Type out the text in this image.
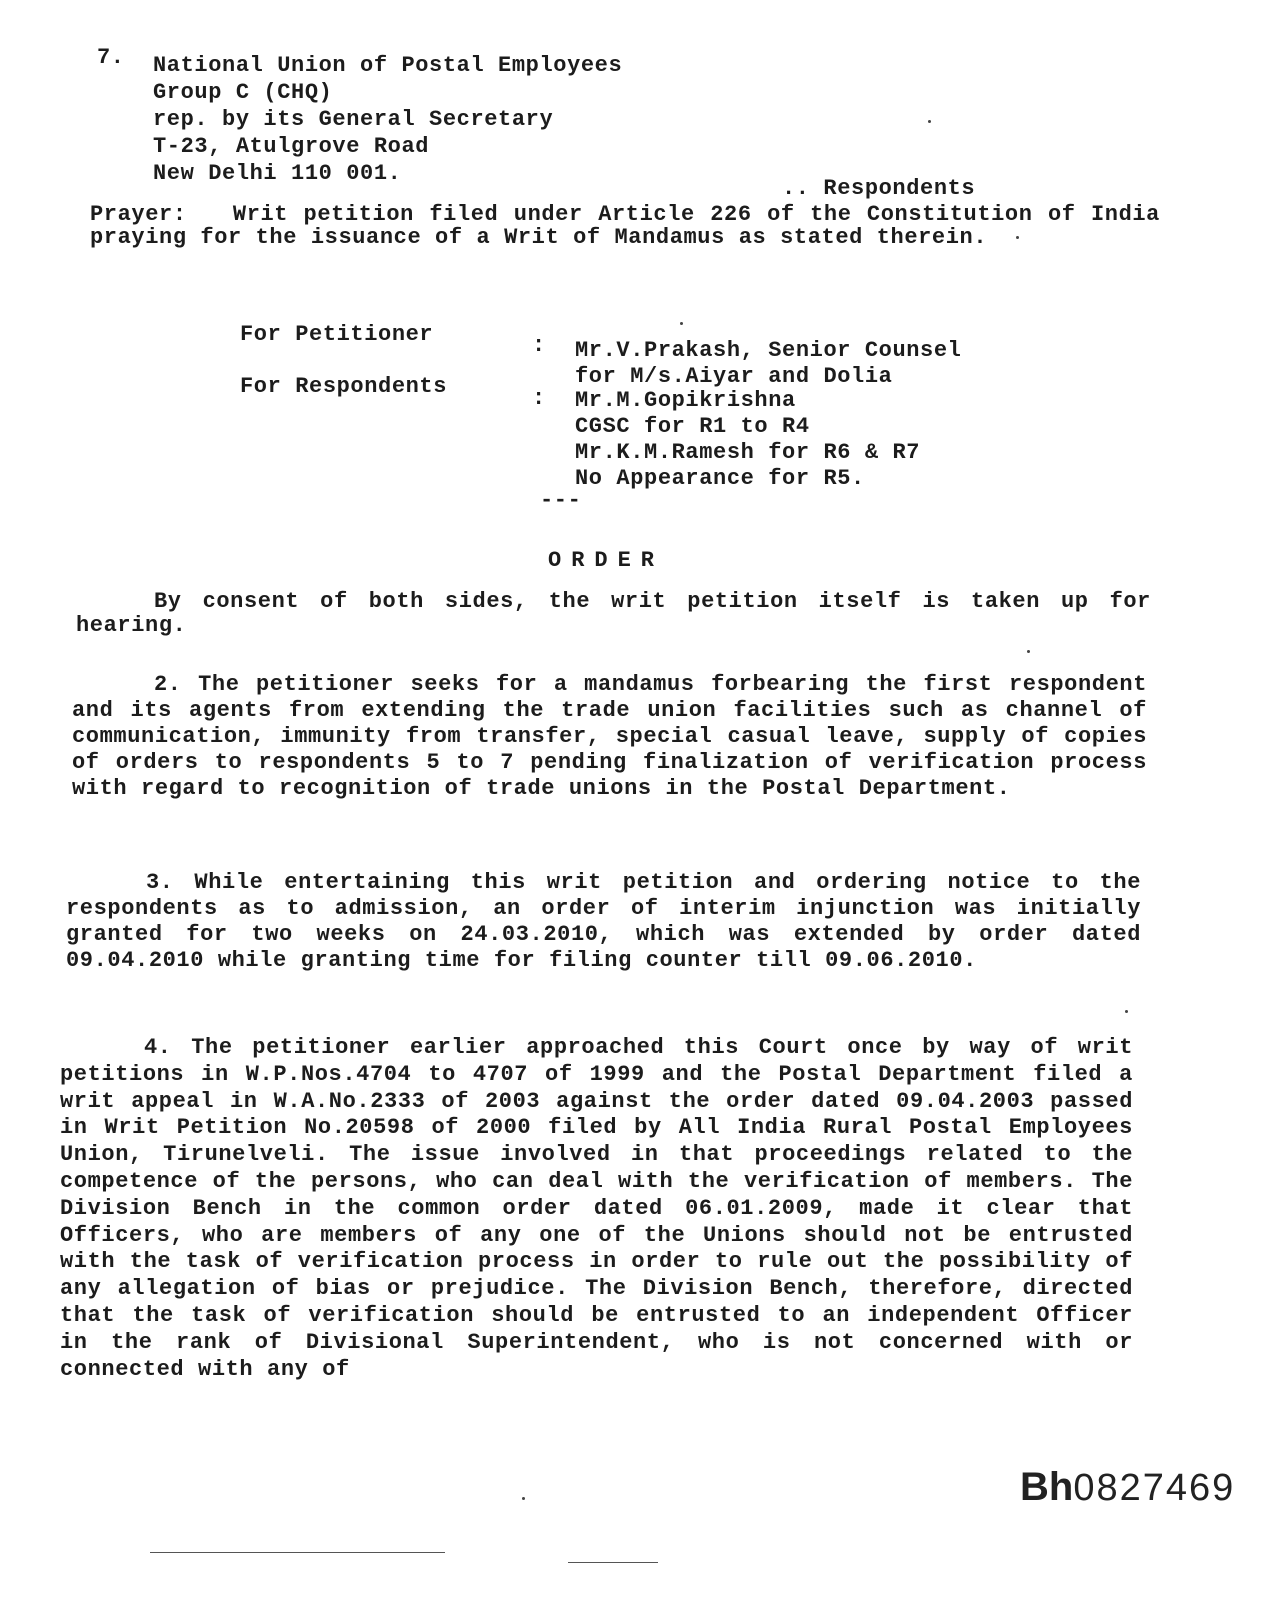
7. National Union of Postal Employees
Group C (CHQ)
rep. by its General Secretary
T-23, Atulgrove Road
New Delhi 110 001.
.. Respondents
Prayer: Writ petition filed under Article 226 of the Constitution of India praying for the issuance of a Writ of Mandamus as stated therein.
For Petitioner	: Mr.V.Prakash, Senior Counsel
for M/s.Aiyar and Dolia
For Respondents	: Mr.M.Gopikrishna
CGSC for R1 to R4
Mr.K.M.Ramesh for R6 & R7
No Appearance for R5.
---
ORDER
By consent of both sides, the writ petition itself is taken up for hearing.
2. The petitioner seeks for a mandamus forbearing the first respondent and its agents from extending the trade union facilities such as channel of communication, immunity from transfer, special casual leave, supply of copies of orders to respondents 5 to 7 pending finalization of verification process with regard to recognition of trade unions in the Postal Department.
3. While entertaining this writ petition and ordering notice to the respondents as to admission, an order of interim injunction was initially granted for two weeks on 24.03.2010, which was extended by order dated 09.04.2010 while granting time for filing counter till 09.06.2010.
4. The petitioner earlier approached this Court once by way of writ petitions in W.P.Nos.4704 to 4707 of 1999 and the Postal Department filed a writ appeal in W.A.No.2333 of 2003 against the order dated 09.04.2003 passed in Writ Petition No.20598 of 2000 filed by All India Rural Postal Employees Union, Tirunelveli. The issue involved in that proceedings related to the competence of the persons, who can deal with the verification of members. The Division Bench in the common order dated 06.01.2009, made it clear that Officers, who are members of any one of the Unions should not be entrusted with the task of verification process in order to rule out the possibility of any allegation of bias or prejudice. The Division Bench, therefore, directed that the task of verification should be entrusted to an independent Officer in the rank of Divisional Superintendent, who is not concerned with or connected with any of
Bh0827469
